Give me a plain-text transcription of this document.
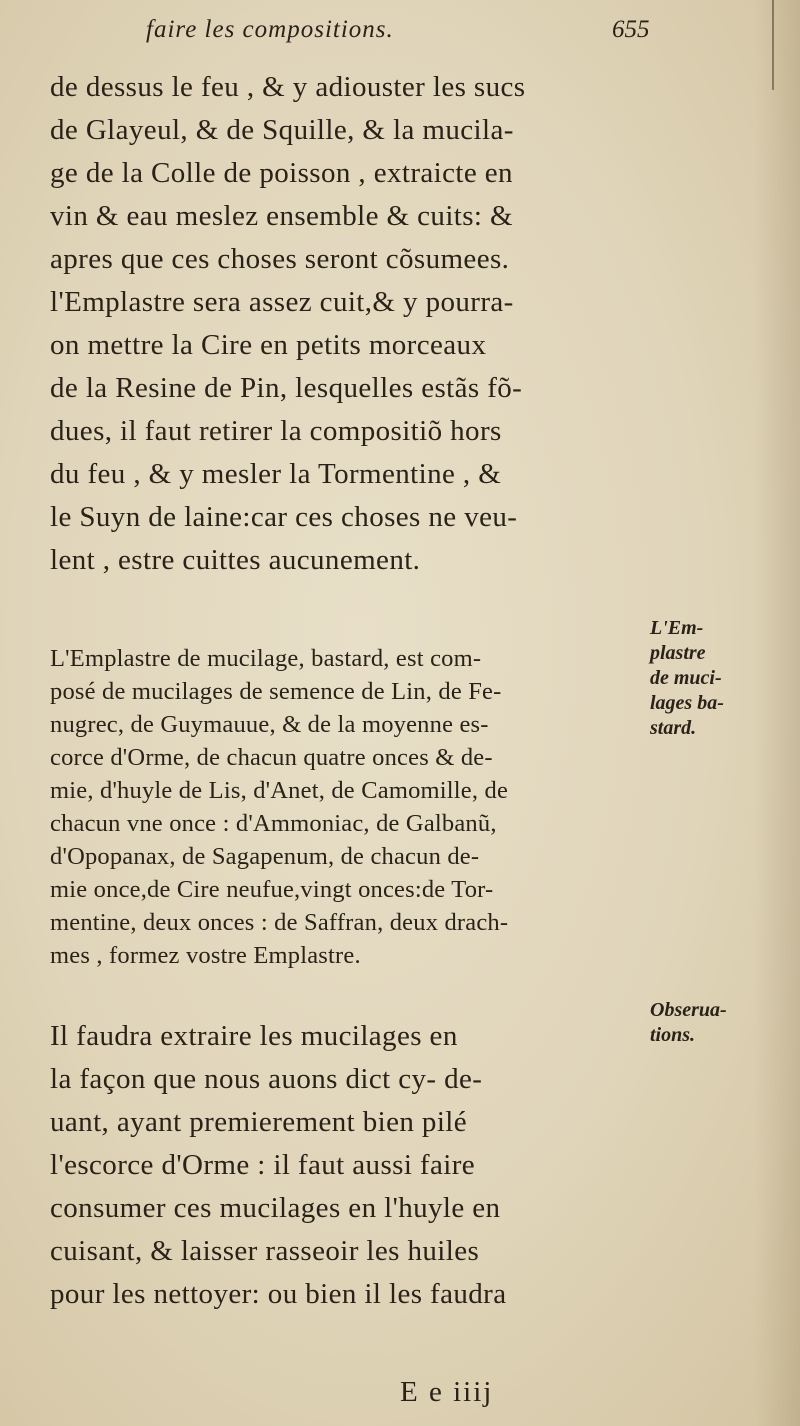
faire les compositions.	655
de dessus le feu , & y adiouster les sucs
de Glayeul, & de Squille, & la mucila-
ge de la Colle de poisson , extraicte en
vin & eau meslez ensemble & cuits: &
apres que ces choses seront cõsumees.
l'Emplastre sera assez cuit,& y pourra-
on mettre la Cire en petits morceaux
de la Resine de Pin, lesquelles estãs fõ-
dues, il faut retirer la compositiõ hors
du feu , & y mesler la Tormentine , &
le Suyn de laine:car ces choses ne veu-
lent , estre cuittes aucunement.
L'Em-
plastre
de muci-
lages ba-
stard.
L'Emplastre de mucilage, bastard, est com-
posé de mucilages de semence de Lin, de Fe-
nugrec, de Guymauue, & de la moyenne es-
corce d'Orme, de chacun quatre onces & de-
mie, d'huyle de Lis, d'Anet, de Camomille, de
chacun vne once : d'Ammoniac, de Galbanũ,
d'Opopanax, de Sagapenum, de chacun de-
mie once,de Cire neufue,vingt onces:de Tor-
mentine, deux onces : de Saffran, deux drach-
mes , formez vostre Emplastre.
Obserua-
tions.
Il faudra extraire les mucilages en
la façon que nous auons dict cy- de-
uant, ayant premierement bien pilé
l'escorce d'Orme : il faut aussi faire
consumer ces mucilages en l'huyle en
cuisant, & laisser rasseoir les huiles
pour les nettoyer: ou bien il les faudra
E e iiij
